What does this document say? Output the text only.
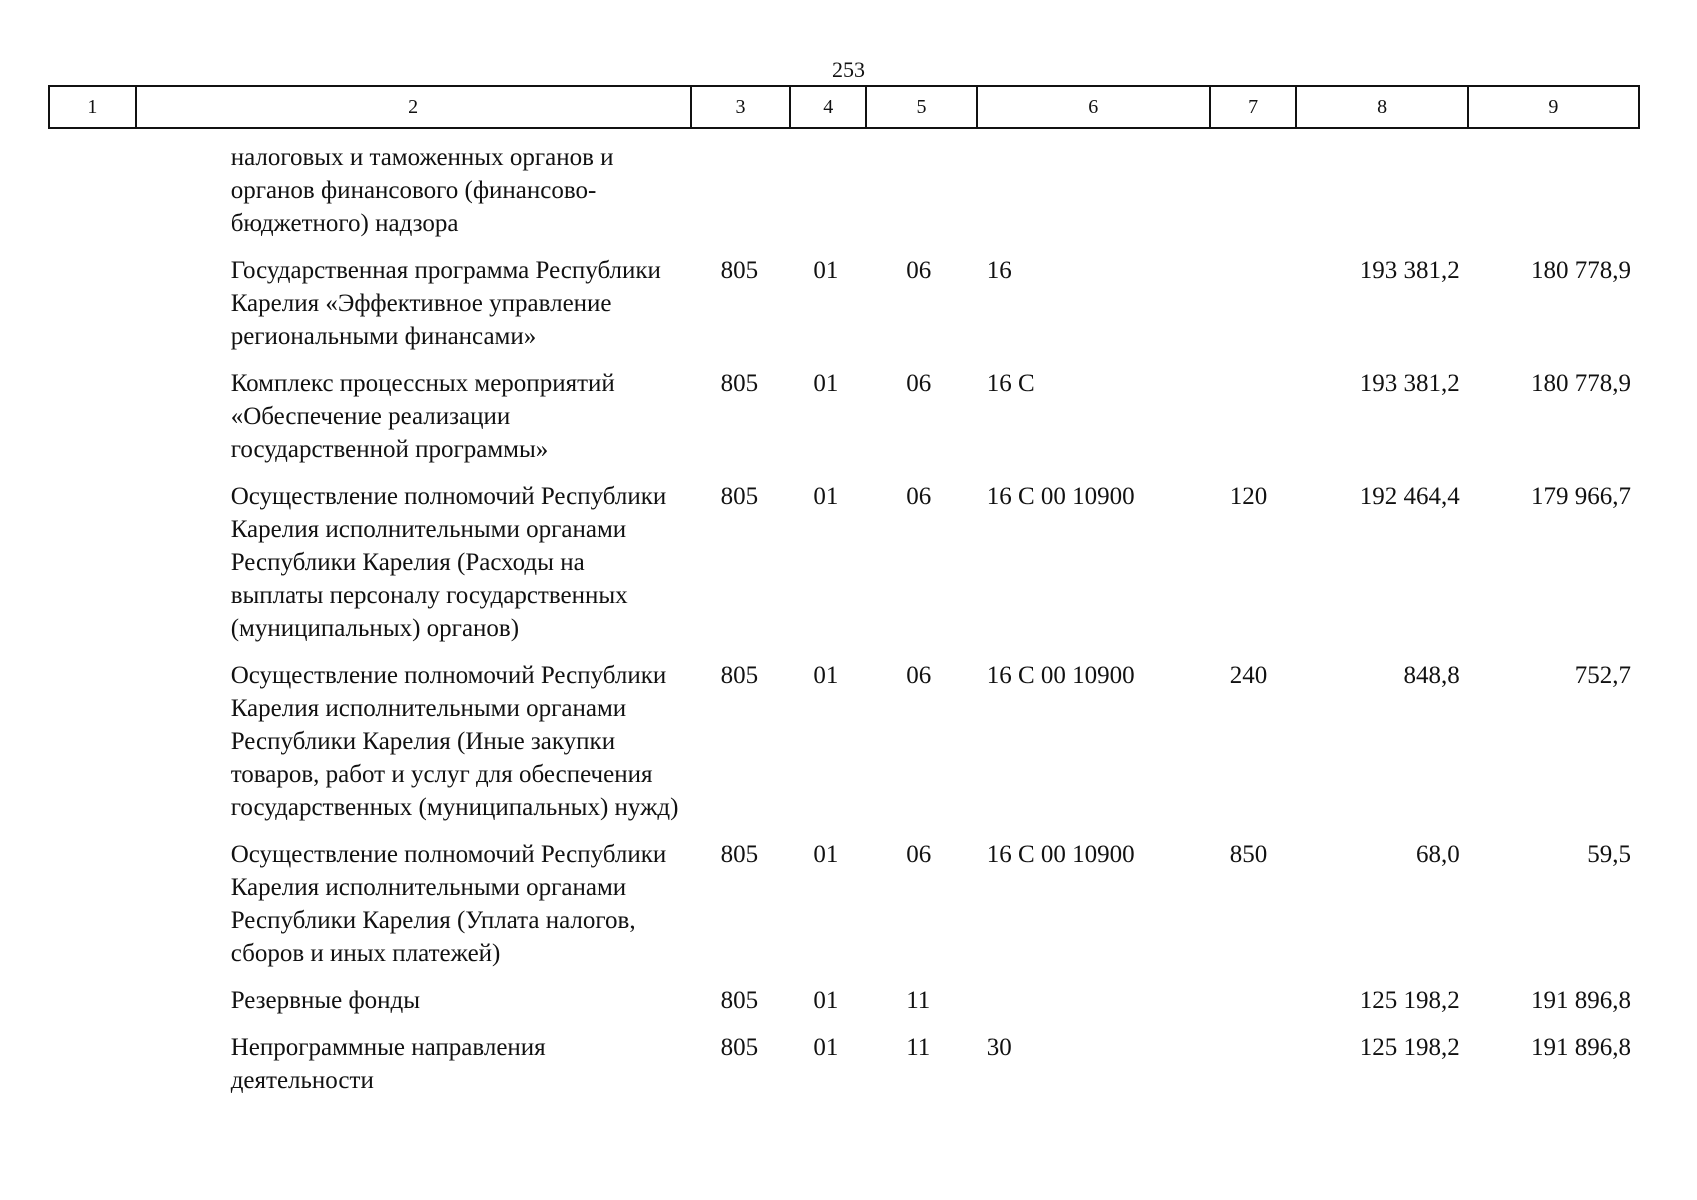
253
1	2	3	4	5	6	7	8	9
	налоговых и таможенных органов и органов финансового (финансово-бюджетного) надзора							
	Государственная программа Республики Карелия «Эффективное управление региональными финансами»	805	01	06	16		193 381,2	180 778,9
	Комплекс процессных мероприятий «Обеспечение реализации государственной программы»	805	01	06	16 С		193 381,2	180 778,9
	Осуществление полномочий Республики Карелия исполнительными органами Республики Карелия (Расходы на выплаты персоналу государственных (муниципальных) органов)	805	01	06	16 С 00 10900	120	192 464,4	179 966,7
	Осуществление полномочий Республики Карелия исполнительными органами Республики Карелия (Иные закупки товаров, работ и услуг для обеспечения государственных (муниципальных) нужд)	805	01	06	16 С 00 10900	240	848,8	752,7
	Осуществление полномочий Республики Карелия исполнительными органами Республики Карелия (Уплата налогов, сборов и иных платежей)	805	01	06	16 С 00 10900	850	68,0	59,5
	Резервные фонды	805	01	11			125 198,2	191 896,8
	Непрограммные направления деятельности	805	01	11	30		125 198,2	191 896,8
